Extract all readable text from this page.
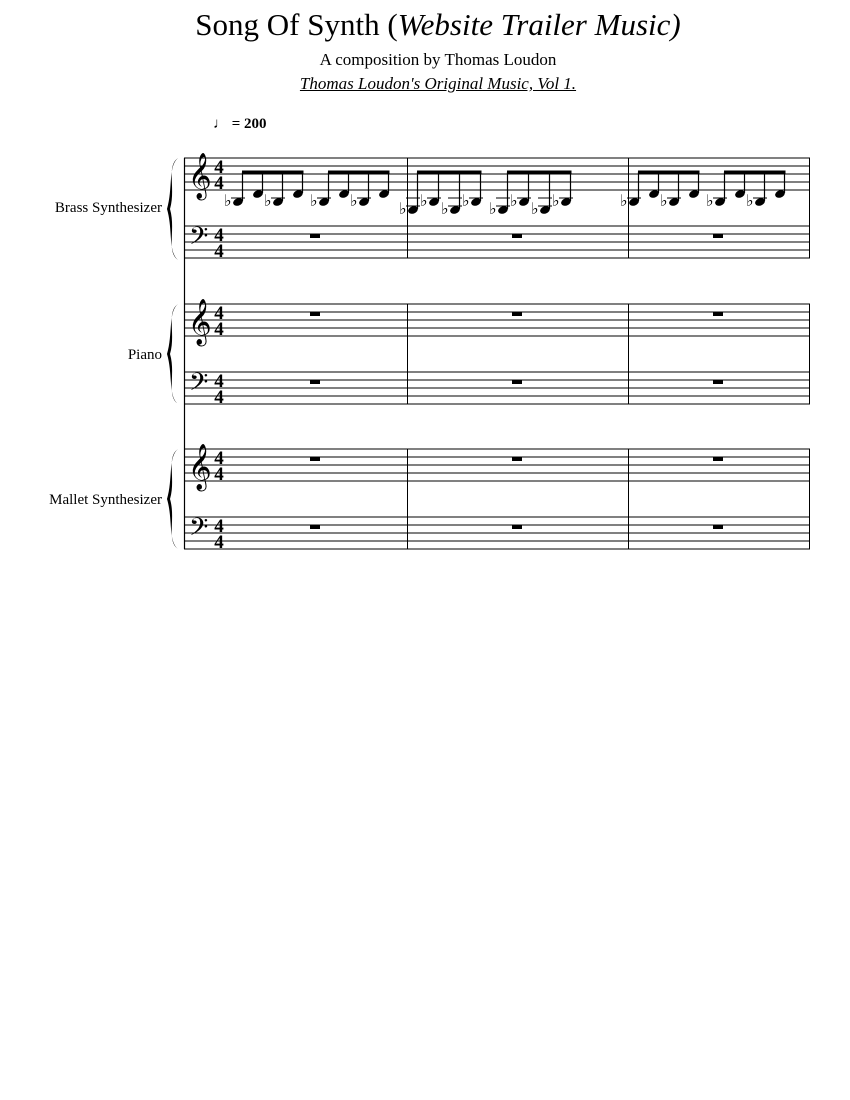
Song Of Synth (Website Trailer Music)
A composition by Thomas Loudon
Thomas Loudon's Original Music, Vol 1.
♩ = 200
Brass Synthesizer
Piano
Mallet Synthesizer
𝄞
𝄢
𝄞
𝄢
𝄞
𝄢
4
4
4
4
4
4
4
4
4
4
4
4
♭ ♭ ♭ ♭	♭ ♭ ♭ ♭ ♭ ♭ ♭ ♭	♭ ♭ ♭ ♭
